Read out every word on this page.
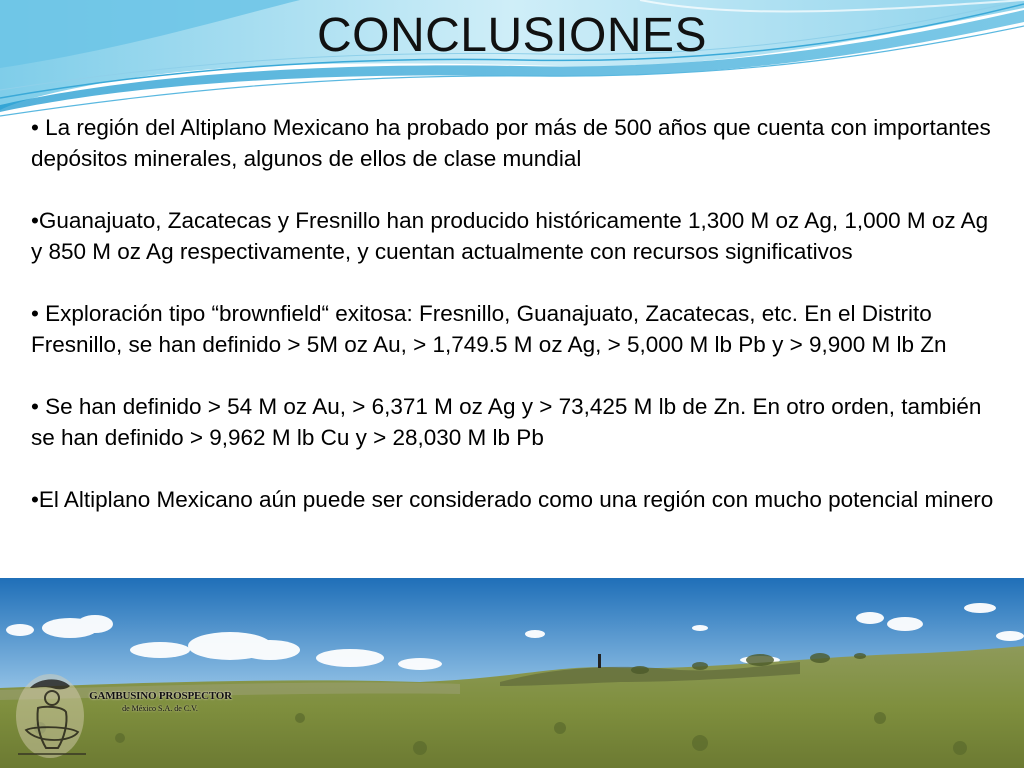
CONCLUSIONES

• La región del Altiplano Mexicano ha probado por más de 500 años que cuenta con importantes depósitos minerales, algunos de ellos de clase mundial

•Guanajuato, Zacatecas y Fresnillo han producido históricamente 1,300 M oz Ag, 1,000 M oz Ag y 850 M oz Ag respectivamente, y cuentan actualmente con recursos significativos

• Exploración tipo “brownfield“ exitosa: Fresnillo, Guanajuato, Zacatecas, etc. En el Distrito Fresnillo, se han definido > 5M oz Au, > 1,749.5 M oz Ag, > 5,000 M lb Pb y > 9,900 M lb Zn

• Se han definido > 54 M oz Au, > 6,371 M oz Ag y > 73,425 M lb de Zn. En otro orden, también se han definido > 9,962 M lb Cu y > 28,030 M lb Pb

•El Altiplano Mexicano aún puede ser considerado como una región con mucho potencial minero

GAMBUSINO PROSPECTOR
de México S.A. de C.V.
